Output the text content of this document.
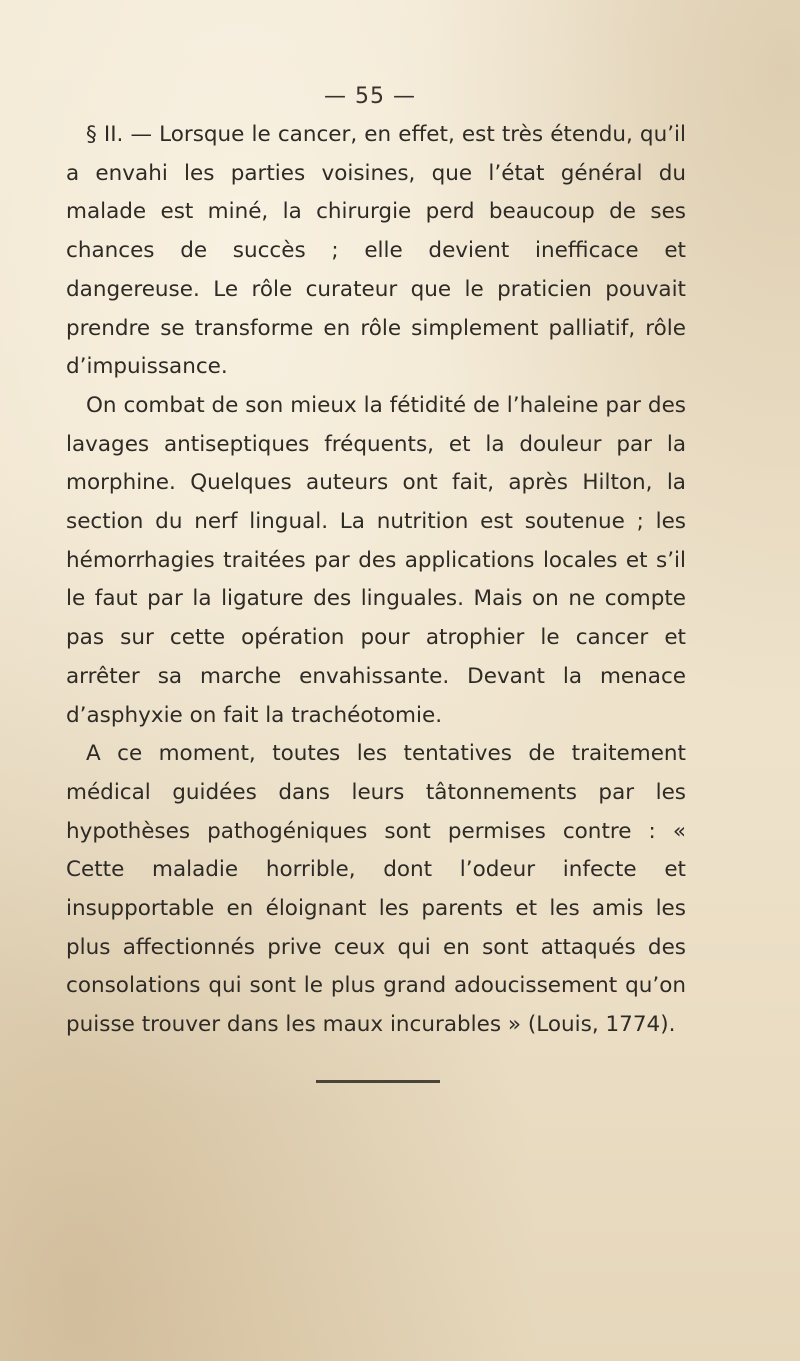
— 55 —

§ II. — Lorsque le cancer, en effet, est très étendu, qu’il a envahi les parties voisines, que l’état général du malade est miné, la chirurgie perd beaucoup de ses chances de succès ; elle devient inefficace et dangereuse. Le rôle curateur que le praticien pouvait prendre se transforme en rôle simplement palliatif, rôle d’impuissance.

On combat de son mieux la fétidité de l’haleine par des lavages antiseptiques fréquents, et la douleur par la morphine. Quelques auteurs ont fait, après Hilton, la section du nerf lingual. La nutrition est soutenue ; les hémorrhagies traitées par des applications locales et s’il le faut par la ligature des linguales. Mais on ne compte pas sur cette opération pour atrophier le cancer et arrêter sa marche envahissante. Devant la menace d’asphyxie on fait la trachéotomie.

A ce moment, toutes les tentatives de traitement médical guidées dans leurs tâtonnements par les hypothèses pathogéniques sont permises contre : « Cette maladie horrible, dont l’odeur infecte et insupportable en éloignant les parents et les amis les plus affectionnés prive ceux qui en sont attaqués des consolations qui sont le plus grand adoucissement qu’on puisse trouver dans les maux incurables » (Louis, 1774).
